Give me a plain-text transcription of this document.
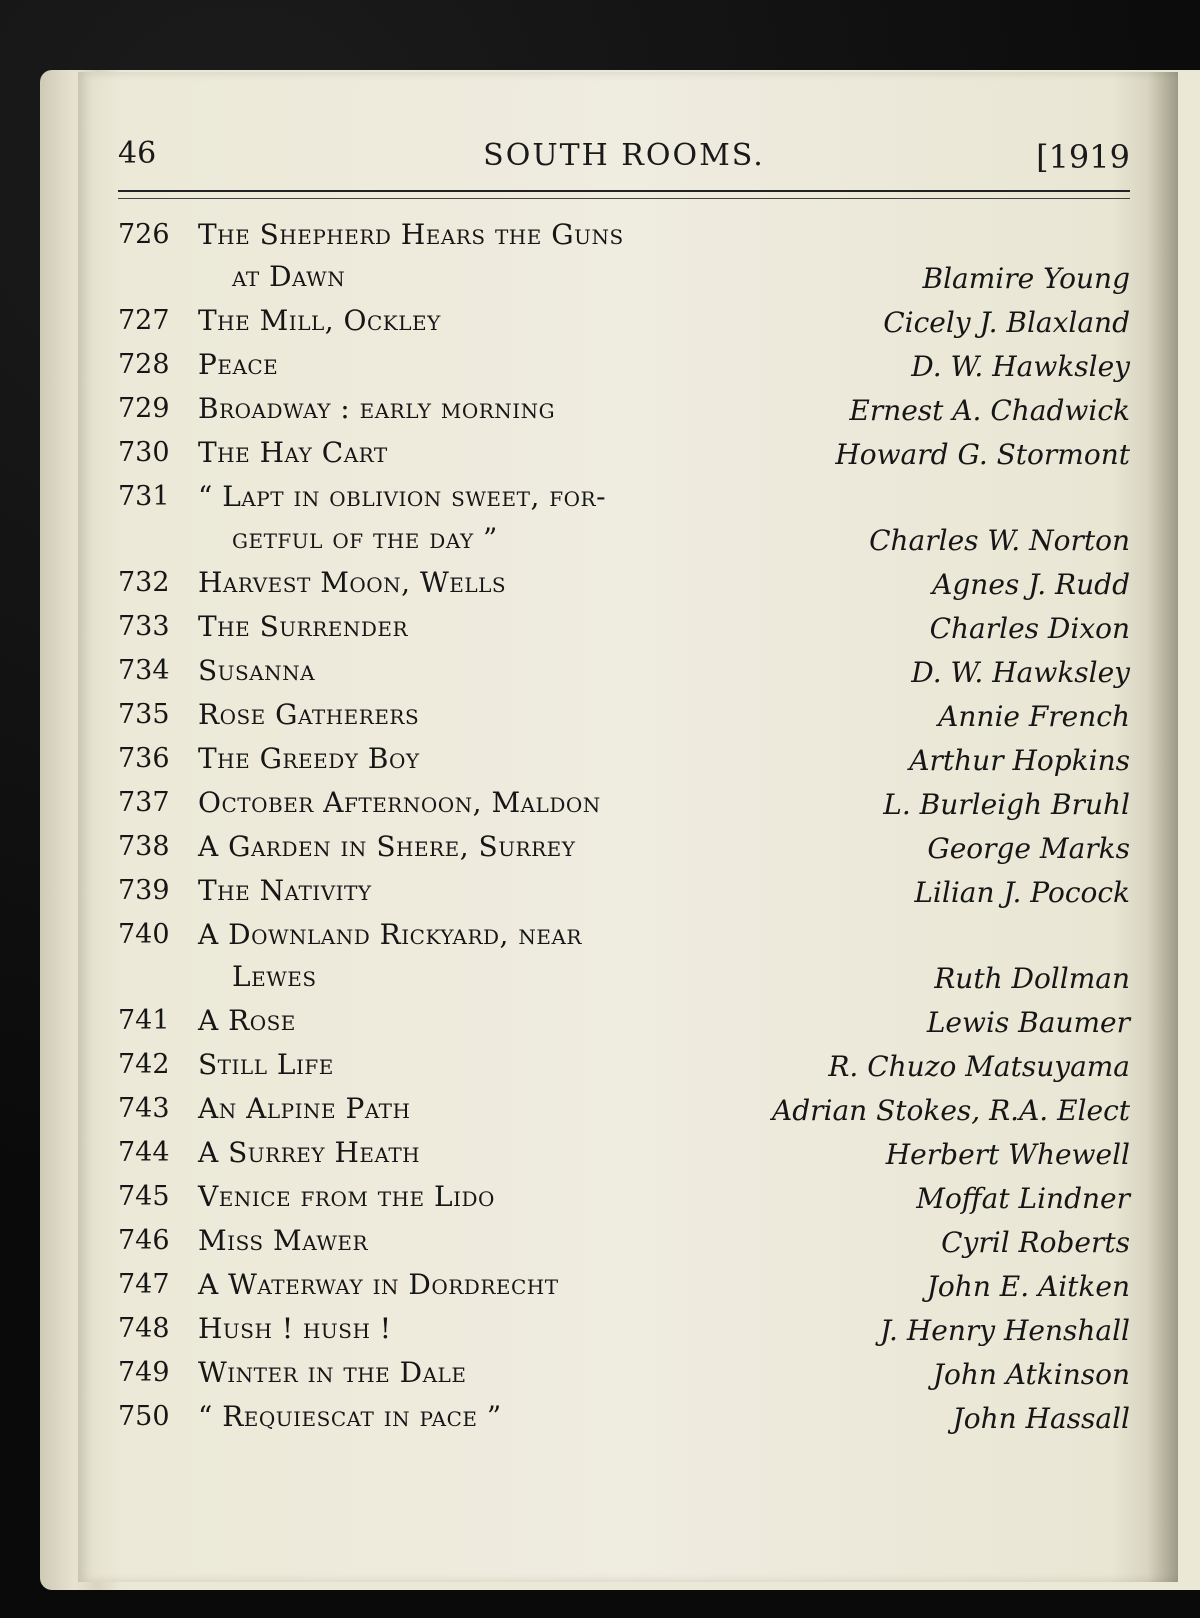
46	SOUTH ROOMS.	[1919
726	The Shepherd Hears the Guns
at Dawn	Blamire Young
727	The Mill, Ockley	Cicely J. Blaxland
728	Peace	D. W. Hawksley
729	Broadway : early morning	Ernest A. Chadwick
730	The Hay Cart	Howard G. Stormont
731	“ Lapt in oblivion sweet, for-
getful of the day ”	Charles W. Norton
732	Harvest Moon, Wells	Agnes J. Rudd
733	The Surrender	Charles Dixon
734	Susanna	D. W. Hawksley
735	Rose Gatherers	Annie French
736	The Greedy Boy	Arthur Hopkins
737	October Afternoon, Maldon	L. Burleigh Bruhl
738	A Garden in Shere, Surrey	George Marks
739	The Nativity	Lilian J. Pocock
740	A Downland Rickyard, near
Lewes	Ruth Dollman
741	A Rose	Lewis Baumer
742	Still Life	R. Chuzo Matsuyama
743	An Alpine Path	Adrian Stokes, R.A. Elect
744	A Surrey Heath	Herbert Whewell
745	Venice from the Lido	Moffat Lindner
746	Miss Mawer	Cyril Roberts
747	A Waterway in Dordrecht	John E. Aitken
748	Hush ! hush !	J. Henry Henshall
749	Winter in the Dale	John Atkinson
750	“ Requiescat in pace ”	John Hassall
